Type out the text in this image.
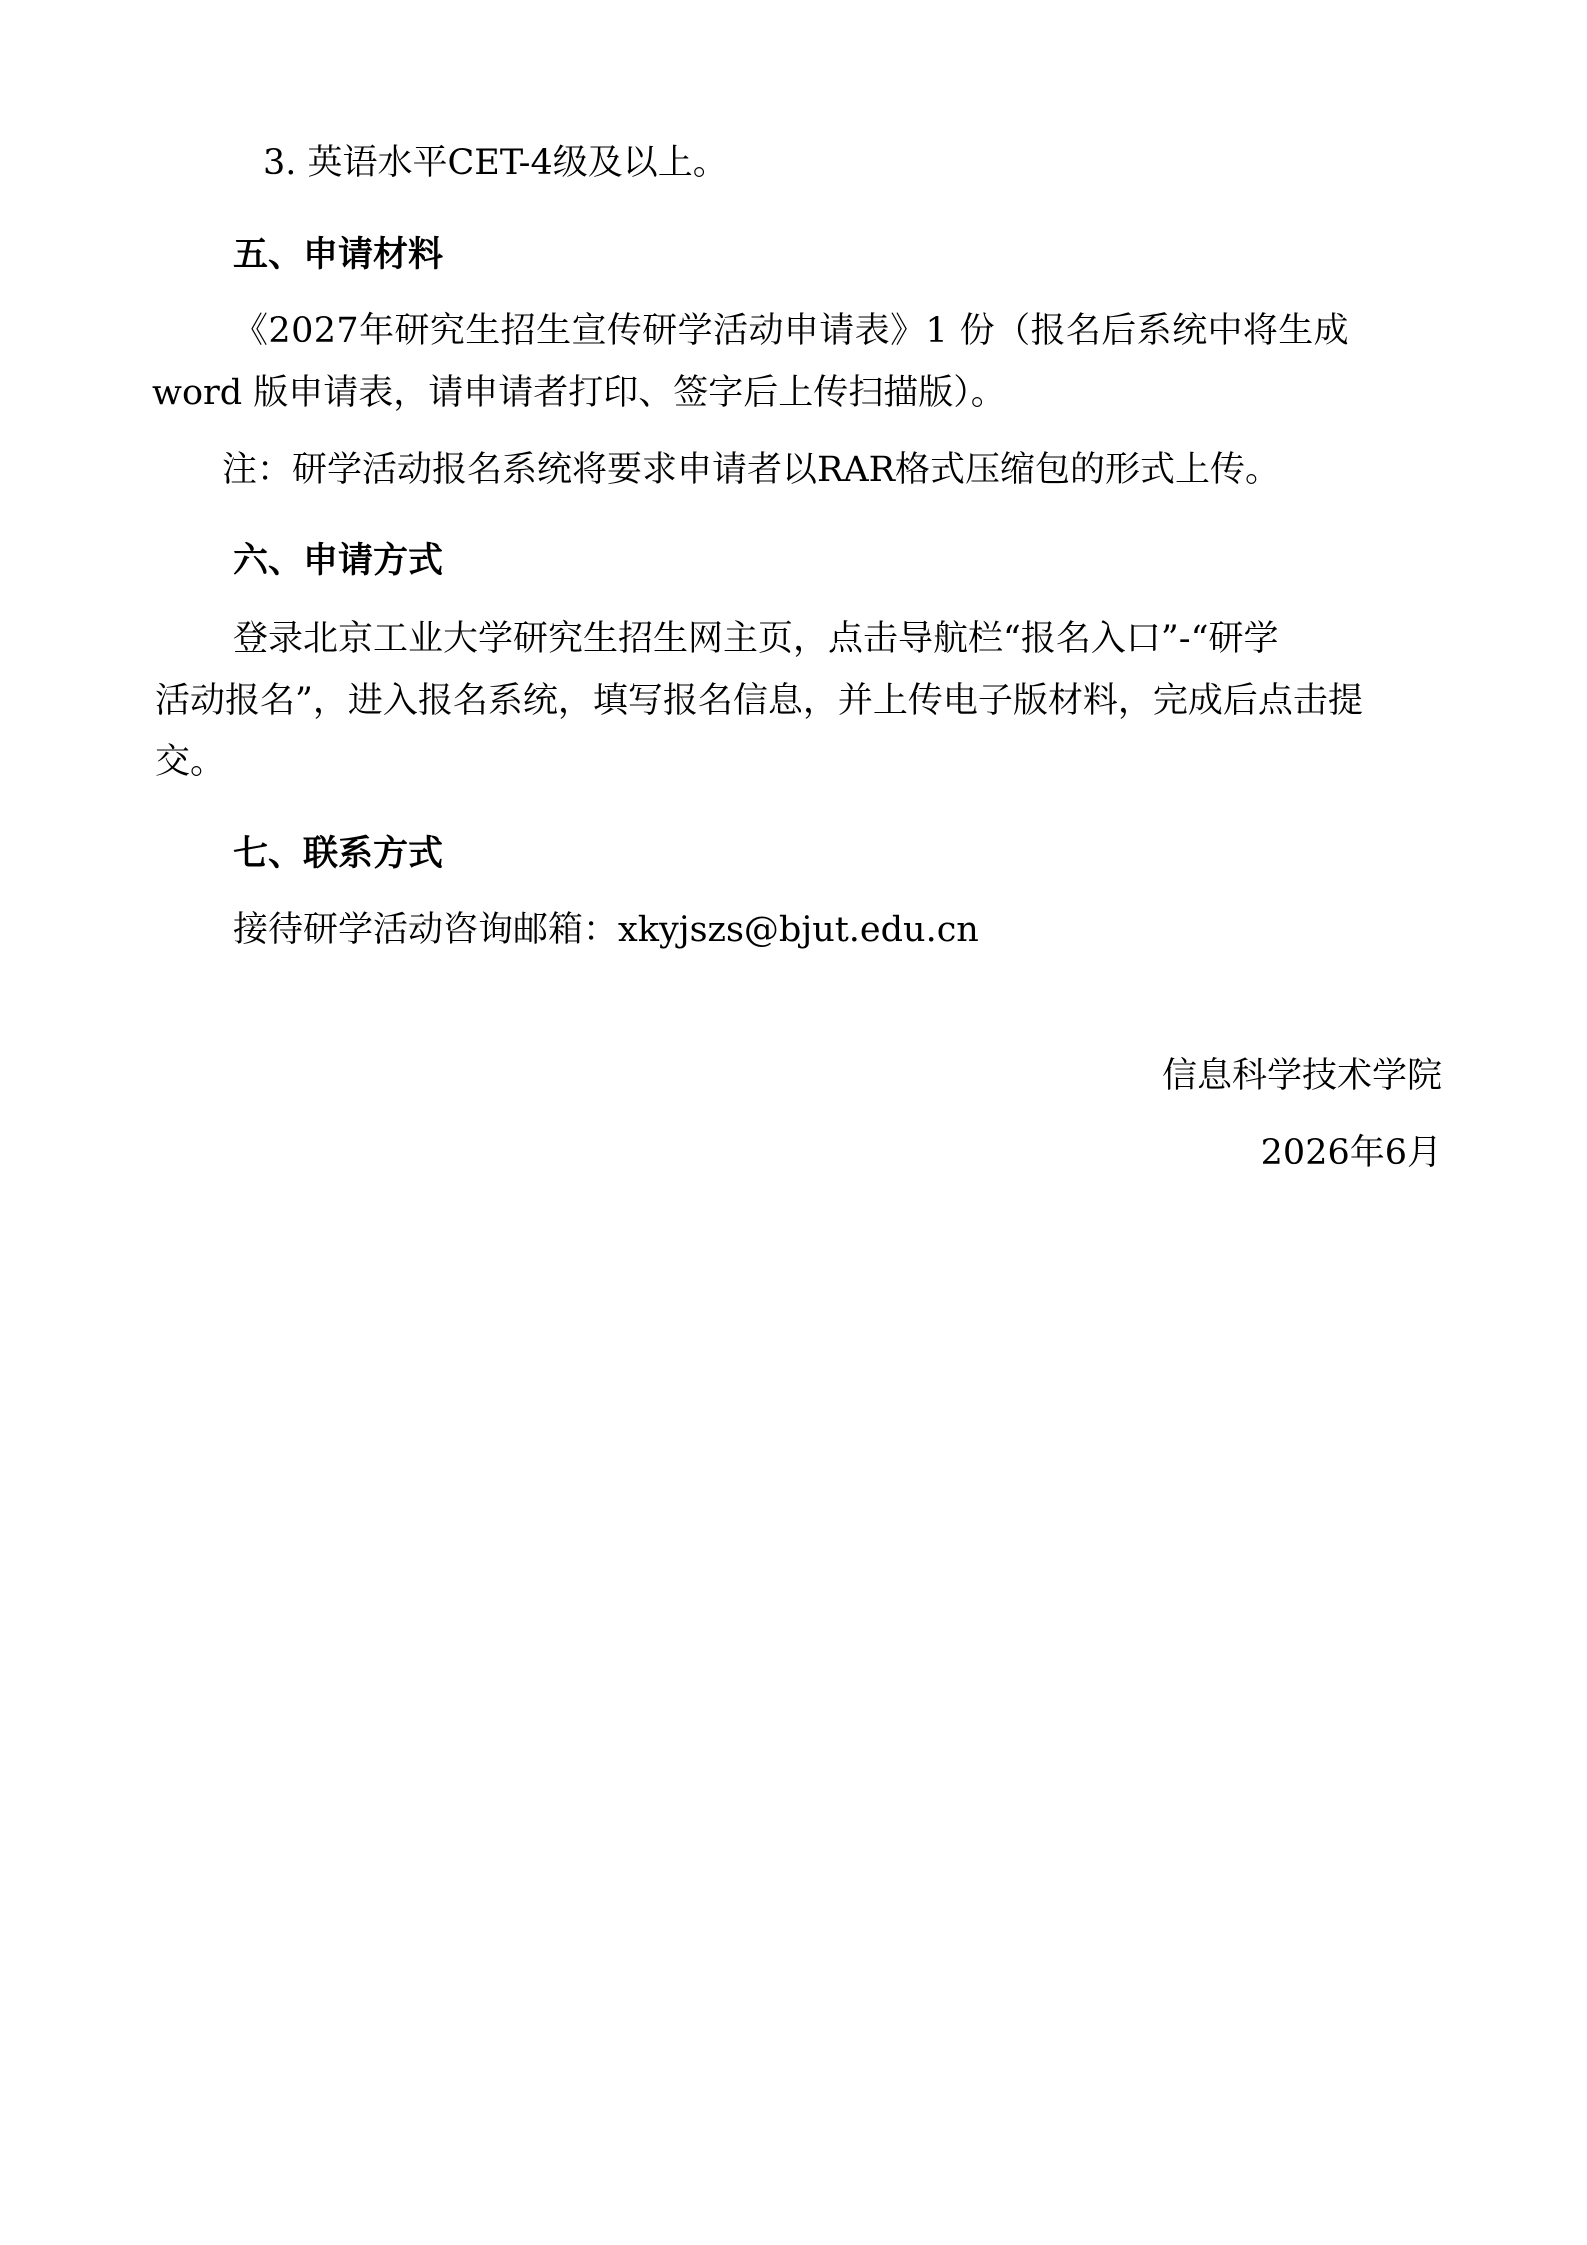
3. 英语水平CET-4级及以上。

五、申请材料

《2027年研究生招生宣传研学活动申请表》1 份（报名后系统中将生成

word 版申请表，请申请者打印、签字后上传扫描版）。

注：研学活动报名系统将要求申请者以RAR格式压缩包的形式上传。

六、申请方式

登录北京工业大学研究生招生网主页，点击导航栏“报名入口”-“研学

活动报名”，进入报名系统，填写报名信息，并上传电子版材料，完成后点击提

交。

七、联系方式

接待研学活动咨询邮箱：xkyjszs@bjut.edu.cn

信息科学技术学院

2026年6月
